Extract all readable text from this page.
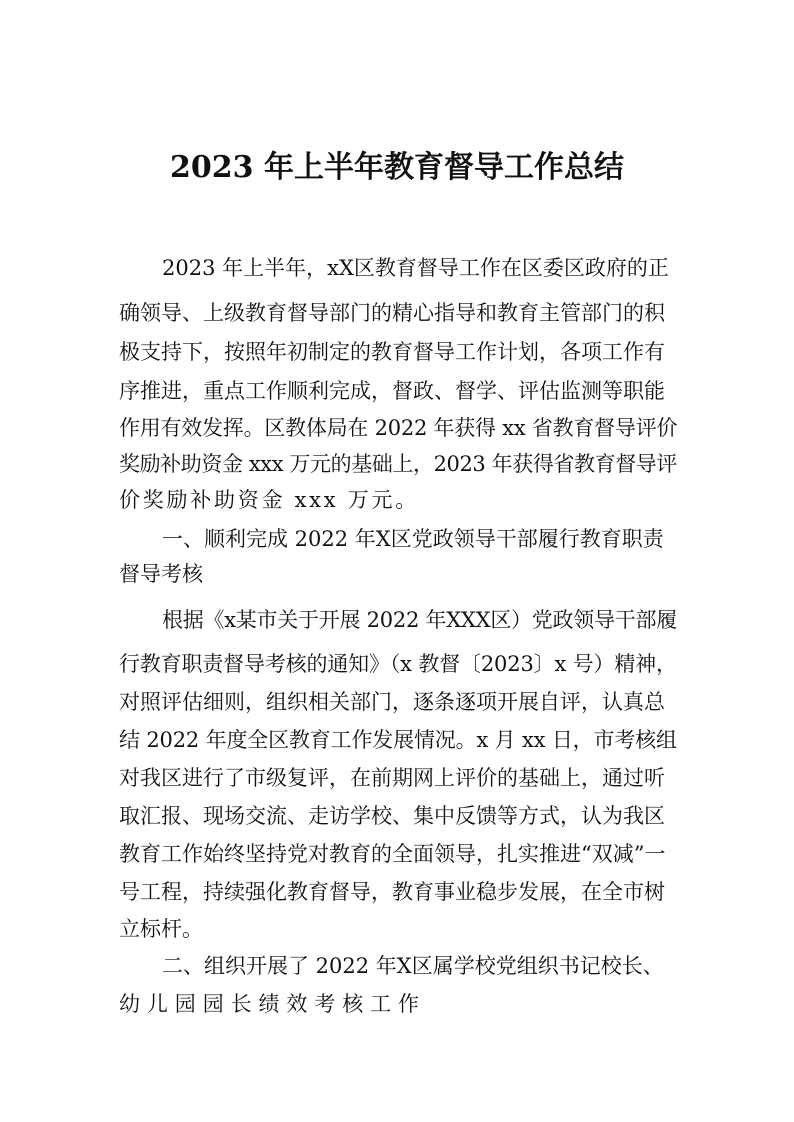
2023 年上半年教育督导工作总结
2023 年上半年，xX区教育督导工作在区委区政府的正
确领导、上级教育督导部门的精心指导和教育主管部门的积
极支持下，按照年初制定的教育督导工作计划，各项工作有
序推进，重点工作顺利完成，督政、督学、评估监测等职能
作用有效发挥。区教体局在 2022 年获得 xx 省教育督导评价
奖励补助资金 xxx 万元的基础上，2023 年获得省教育督导评
价奖励补助资金 xxx 万元。
一、顺利完成 2022 年X区党政领导干部履行教育职责
督导考核
根据《x某市关于开展 2022 年XXX区）党政领导干部履
行教育职责督导考核的通知》（x 教督〔2023〕x 号）精神，
对照评估细则，组织相关部门，逐条逐项开展自评，认真总
结 2022 年度全区教育工作发展情况。x 月 xx 日，市考核组
对我区进行了市级复评，在前期网上评价的基础上，通过听
取汇报、现场交流、走访学校、集中反馈等方式，认为我区
教育工作始终坚持党对教育的全面领导，扎实推进“双减”一
号工程，持续强化教育督导，教育事业稳步发展，在全市树
立标杆。
二、组织开展了 2022 年X区属学校党组织书记校长、
幼儿园园长绩效考核工作
